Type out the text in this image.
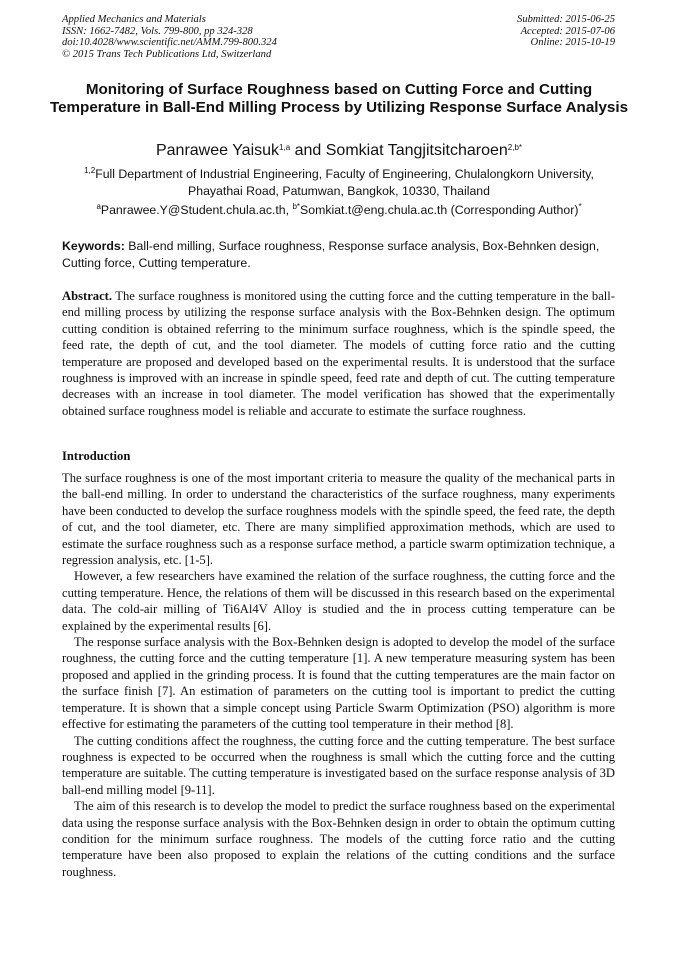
Applied Mechanics and Materials
ISSN: 1662-7482, Vols. 799-800, pp 324-328
doi:10.4028/www.scientific.net/AMM.799-800.324
© 2015 Trans Tech Publications Ltd, Switzerland
Submitted: 2015-06-25
Accepted: 2015-07-06
Online: 2015-10-19
Monitoring of Surface Roughness based on Cutting Force and Cutting Temperature in Ball-End Milling Process by Utilizing Response Surface Analysis
Panrawee Yaisuk$^{1,a}$ and Somkiat Tangjitsitcharoen$^{2,b*}$
$^{1,2}$Full Department of Industrial Engineering, Faculty of Engineering, Chulalongkorn University,
Phayathai Road, Patumwan, Bangkok, 10330, Thailand
$^a$Panrawee.Y@Student.chula.ac.th, $^{b*}$Somkiat.t@eng.chula.ac.th (Corresponding Author)*
Keywords: Ball-end milling, Surface roughness, Response surface analysis, Box-Behnken design, Cutting force, Cutting temperature.
Abstract. The surface roughness is monitored using the cutting force and the cutting temperature in the ball-end milling process by utilizing the response surface analysis with the Box-Behnken design. The optimum cutting condition is obtained referring to the minimum surface roughness, which is the spindle speed, the feed rate, the depth of cut, and the tool diameter. The models of cutting force ratio and the cutting temperature are proposed and developed based on the experimental results. It is understood that the surface roughness is improved with an increase in spindle speed, feed rate and depth of cut. The cutting temperature decreases with an increase in tool diameter. The model verification has showed that the experimentally obtained surface roughness model is reliable and accurate to estimate the surface roughness.
Introduction

The surface roughness is one of the most important criteria to measure the quality of the mechanical parts in the ball-end milling. In order to understand the characteristics of the surface roughness, many experiments have been conducted to develop the surface roughness models with the spindle speed, the feed rate, the depth of cut, and the tool diameter, etc. There are many simplified approximation methods, which are used to estimate the surface roughness such as a response surface method, a particle swarm optimization technique, a regression analysis, etc. [1-5].

However, a few researchers have examined the relation of the surface roughness, the cutting force and the cutting temperature. Hence, the relations of them will be discussed in this research based on the experimental data. The cold-air milling of Ti6Al4V Alloy is studied and the in process cutting temperature can be explained by the experimental results [6].

The response surface analysis with the Box-Behnken design is adopted to develop the model of the surface roughness, the cutting force and the cutting temperature [1]. A new temperature measuring system has been proposed and applied in the grinding process. It is found that the cutting temperatures are the main factor on the surface finish [7]. An estimation of parameters on the cutting tool is important to predict the cutting temperature. It is shown that a simple concept using Particle Swarm Optimization (PSO) algorithm is more effective for estimating the parameters of the cutting tool temperature in their method [8].

The cutting conditions affect the roughness, the cutting force and the cutting temperature. The best surface roughness is expected to be occurred when the roughness is small which the cutting force and the cutting temperature are suitable. The cutting temperature is investigated based on the surface response analysis of 3D ball-end milling model [9-11].

The aim of this research is to develop the model to predict the surface roughness based on the experimental data using the response surface analysis with the Box-Behnken design in order to obtain the optimum cutting condition for the minimum surface roughness. The models of the cutting force ratio and the cutting temperature have been also proposed to explain the relations of the cutting conditions and the surface roughness.
